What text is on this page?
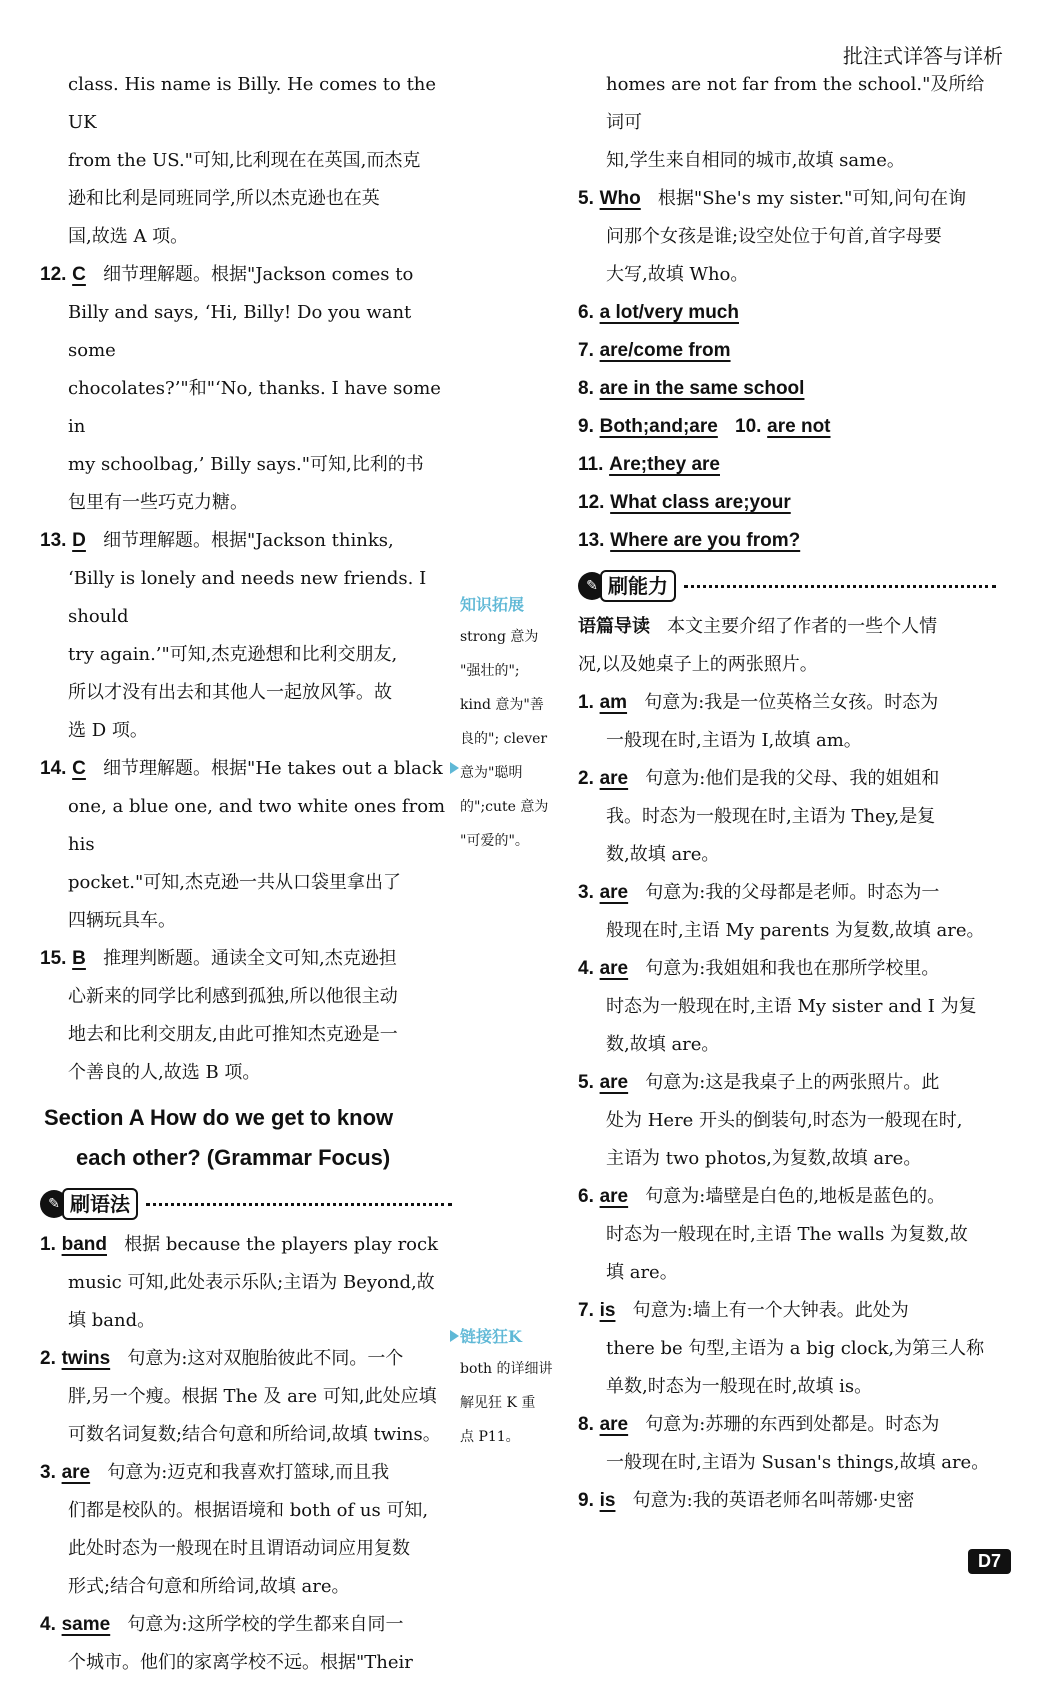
批注式详答与详析
class. His name is Billy. He comes to the UK
from the US."可知,比利现在在英国,而杰克
逊和比利是同班同学,所以杰克逊也在英
国,故选 A 项。
12. C 细节理解题。根据"Jackson comes to
Billy and says, ‘Hi, Billy! Do you want some
chocolates?’"和"‘No, thanks. I have some in
my schoolbag,’ Billy says."可知,比利的书
包里有一些巧克力糖。
13. D 细节理解题。根据"Jackson thinks,
‘Billy is lonely and needs new friends. I should
try again.’"可知,杰克逊想和比利交朋友,
所以才没有出去和其他人一起放风筝。故
选 D 项。
14. C 细节理解题。根据"He takes out a black
one, a blue one, and two white ones from his
pocket."可知,杰克逊一共从口袋里拿出了
四辆玩具车。
15. B 推理判断题。通读全文可知,杰克逊担
心新来的同学比利感到孤独,所以他很主动
地去和比利交朋友,由此可推知杰克逊是一
个善良的人,故选 B 项。
Section A How do we get to know
each other? (Grammar Focus)
✎ 刷语法
1. band 根据 because the players play rock
music 可知,此处表示乐队;主语为 Beyond,故
填 band。
2. twins 句意为:这对双胞胎彼此不同。一个
胖,另一个瘦。根据 The 及 are 可知,此处应填
可数名词复数;结合句意和所给词,故填 twins。
3. are 句意为:迈克和我喜欢打篮球,而且我
们都是校队的。根据语境和 both of us 可知,
此处时态为一般现在时且谓语动词应用复数
形式;结合句意和所给词,故填 are。
4. same 句意为:这所学校的学生都来自同一
个城市。他们的家离学校不远。根据"Their
知识拓展
strong 意为
"强壮的";
kind 意为"善
良的"; clever
意为"聪明
的";cute 意为
"可爱的"。
链接狂K
both 的详细讲
解见狂 K 重
点 P11。
homes are not far from the school."及所给词可
知,学生来自相同的城市,故填 same。
5. Who 根据"She's my sister."可知,问句在询
问那个女孩是谁;设空处位于句首,首字母要
大写,故填 Who。
6. a lot/very much
7. are/come from
8. are in the same school
9. Both;and;are 10. are not
11. Are;they are
12. What class are;your
13. Where are you from?
✎ 刷能力
语篇导读 本文主要介绍了作者的一些个人情
况,以及她桌子上的两张照片。
1. am 句意为:我是一位英格兰女孩。时态为
一般现在时,主语为 I,故填 am。
2. are 句意为:他们是我的父母、我的姐姐和
我。时态为一般现在时,主语为 They,是复
数,故填 are。
3. are 句意为:我的父母都是老师。时态为一
般现在时,主语 My parents 为复数,故填 are。
4. are 句意为:我姐姐和我也在那所学校里。
时态为一般现在时,主语 My sister and I 为复
数,故填 are。
5. are 句意为:这是我桌子上的两张照片。此
处为 Here 开头的倒装句,时态为一般现在时,
主语为 two photos,为复数,故填 are。
6. are 句意为:墙壁是白色的,地板是蓝色的。
时态为一般现在时,主语 The walls 为复数,故
填 are。
7. is 句意为:墙上有一个大钟表。此处为
there be 句型,主语为 a big clock,为第三人称
单数,时态为一般现在时,故填 is。
8. are 句意为:苏珊的东西到处都是。时态为
一般现在时,主语为 Susan's things,故填 are。
9. is 句意为:我的英语老师名叫蒂娜·史密
D7
